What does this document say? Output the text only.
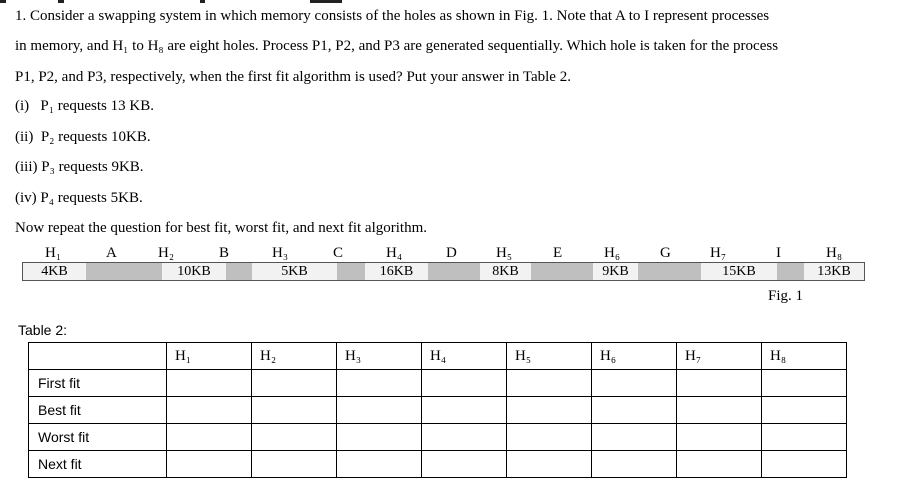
1. Consider a swapping system in which memory consists of the holes as shown in Fig. 1. Note that A to I represent processes
in memory, and H₁ to H₈ are eight holes. Process P1, P2, and P3 are generated sequentially. Which hole is taken for the process
P1, P2, and P3, respectively, when the first fit algorithm is used? Put your answer in Table 2.
(i)   P₁ requests 13 KB.
(ii)  P₂ requests 10KB.
(iii) P₃ requests 9KB.
(iv) P₄ requests 5KB.
Now repeat the question for best fit, worst fit, and next fit algorithm.
H₁	A	H₂	B	H₃	C	H₄	D	H₅	E	H₆	G	H₇	I	H₈
4KB	10KB	5KB	16KB	8KB	9KB	15KB	13KB
Fig. 1
Table 2:
	H₁	H₂	H₃	H₄	H₅	H₆	H₇	H₈
First fit								
Best fit								
Worst fit								
Next fit								
